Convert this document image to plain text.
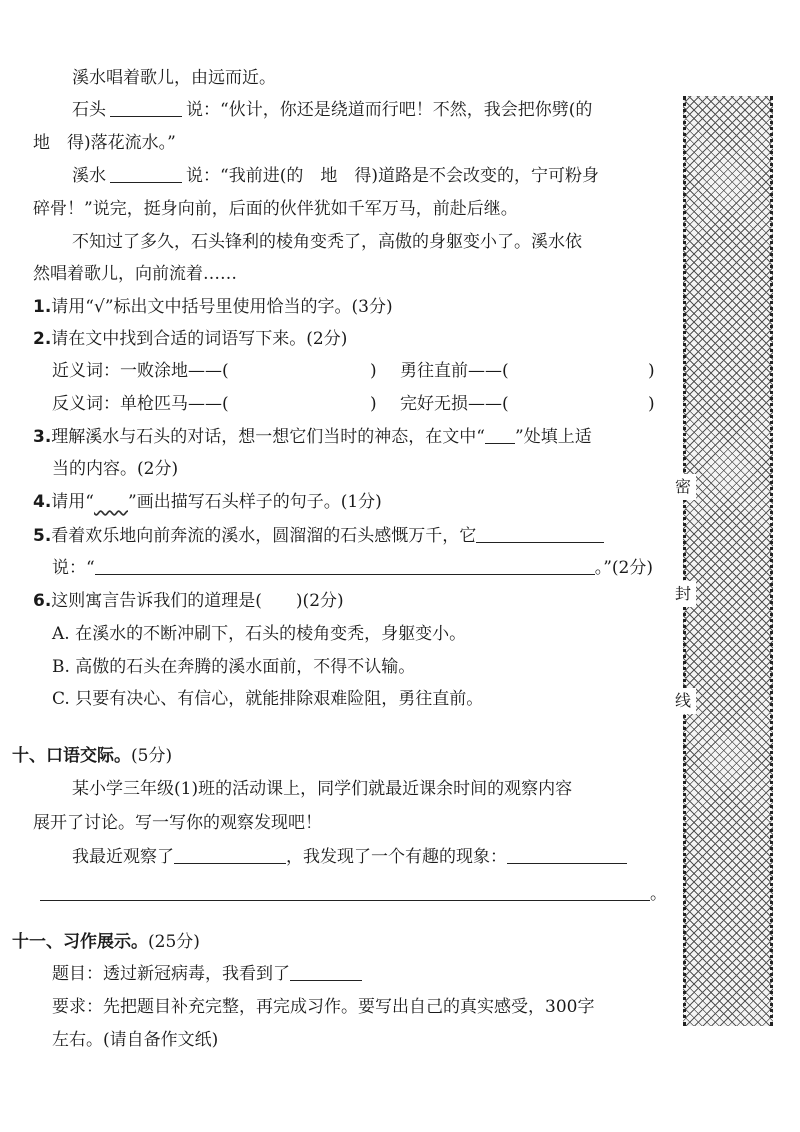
溪水唱着歌儿，由远而近。
石头	说：“伙计，你还是绕道而行吧！不然，我会把你劈(的
地　得)落花流水。”
溪水	说：“我前进(的　地　得)道路是不会改变的，宁可粉身
碎骨！”说完，挺身向前，后面的伙伴犹如千军万马，前赴后继。
不知过了多久，石头锋利的棱角变秃了，高傲的身躯变小了。溪水依
然唱着歌儿，向前流着……
1.请用“√”标出文中括号里使用恰当的字。(3分)
2.请在文中找到合适的词语写下来。(2分)
近义词：一败涂地——(	) 勇往直前——(	)
反义词：单枪匹马——(	) 完好无损——(	)
3.理解溪水与石头的对话，想一想它们当时的神态，在文中“ ”处填上适
当的内容。(2分)
4.请用“　　 ”画出描写石头样子的句子。(1分)
5.看着欢乐地向前奔流的溪水，圆溜溜的石头感慨万千，它
说：“	。”(2分)
6.这则寓言告诉我们的道理是(　　)(2分)
A. 在溪水的不断冲刷下，石头的棱角变秃，身躯变小。
B. 高傲的石头在奔腾的溪水面前，不得不认输。
C. 只要有决心、有信心，就能排除艰难险阻，勇往直前。
十、口语交际。(5分)
某小学三年级(1)班的活动课上，同学们就最近课余时间的观察内容
展开了讨论。写一写你的观察发现吧！
我最近观察了	，我发现了一个有趣的现象：
。
十一、习作展示。(25分)
题目：透过新冠病毒，我看到了
要求：先把题目补充完整，再完成习作。要写出自己的真实感受，300字
左右。(请自备作文纸)
密
封
线
